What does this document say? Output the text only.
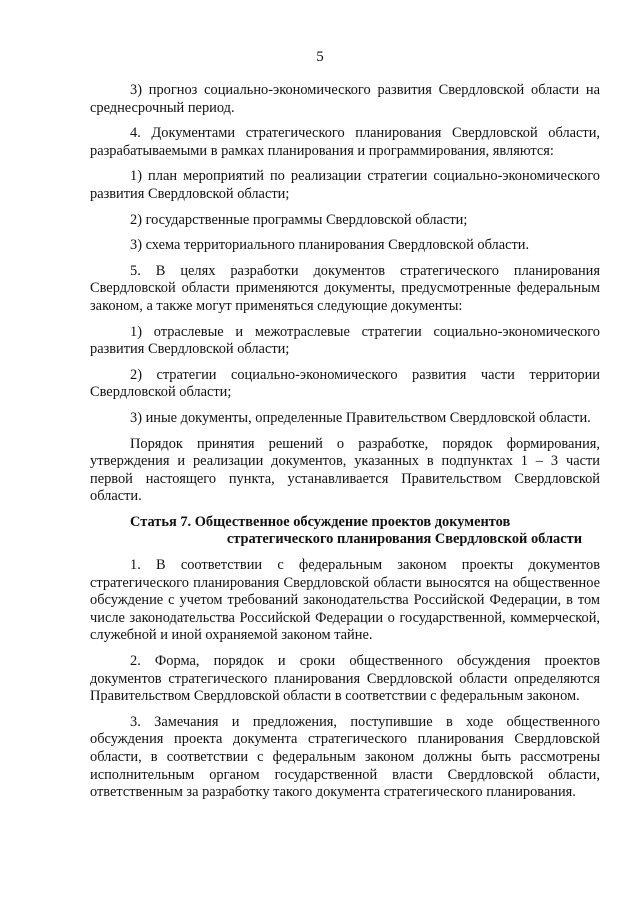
5

3) прогноз социально-экономического развития Свердловской области на среднесрочный период.

4. Документами стратегического планирования Свердловской области, разрабатываемыми в рамках планирования и программирования, являются:

1) план мероприятий по реализации стратегии социально-экономического развития Свердловской области;

2) государственные программы Свердловской области;

3) схема территориального планирования Свердловской области.

5. В целях разработки документов стратегического планирования Свердловской области применяются документы, предусмотренные федеральным законом, а также могут применяться следующие документы:

1) отраслевые и межотраслевые стратегии социально-экономического развития Свердловской области;

2) стратегии социально-экономического развития части территории Свердловской области;

3) иные документы, определенные Правительством Свердловской области.

Порядок принятия решений о разработке, порядок формирования, утверждения и реализации документов, указанных в подпунктах 1 – 3 части первой настоящего пункта, устанавливается Правительством Свердловской области.

Статья 7. Общественное обсуждение проектов документов
стратегического планирования Свердловской области

1. В соответствии с федеральным законом проекты документов стратегического планирования Свердловской области выносятся на общественное обсуждение с учетом требований законодательства Российской Федерации, в том числе законодательства Российской Федерации о государственной, коммерческой, служебной и иной охраняемой законом тайне.

2. Форма, порядок и сроки общественного обсуждения проектов документов стратегического планирования Свердловской области определяются Правительством Свердловской области в соответствии с федеральным законом.

3. Замечания и предложения, поступившие в ходе общественного обсуждения проекта документа стратегического планирования Свердловской области, в соответствии с федеральным законом должны быть рассмотрены исполнительным органом государственной власти Свердловской области, ответственным за разработку такого документа стратегического планирования.
